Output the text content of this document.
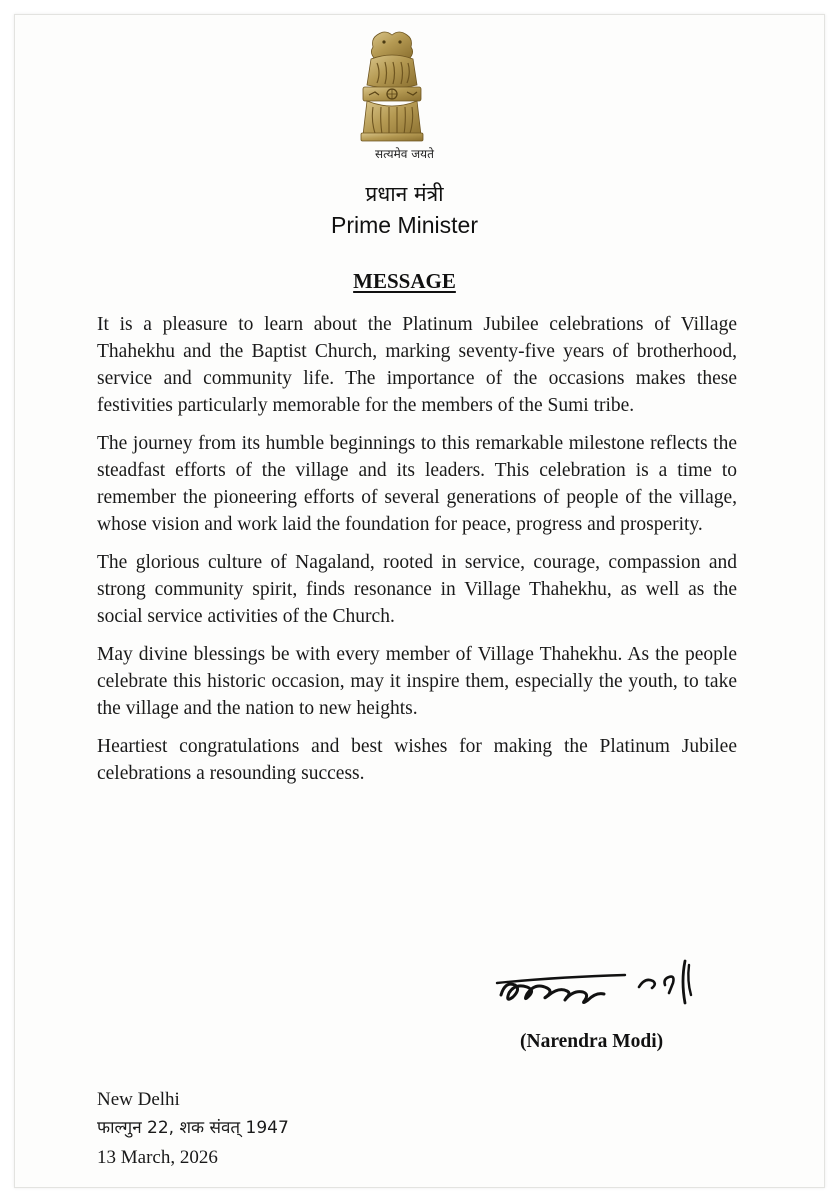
सत्यमेव जयते
प्रधान मंत्री
Prime Minister
MESSAGE

It is a pleasure to learn about the Platinum Jubilee celebrations of Village Thahekhu and the Baptist Church, marking seventy-five years of brotherhood, service and community life. The importance of the occasions makes these festivities particularly memorable for the members of the Sumi tribe.

The journey from its humble beginnings to this remarkable milestone reflects the steadfast efforts of the village and its leaders. This celebration is a time to remember the pioneering efforts of several generations of people of the village, whose vision and work laid the foundation for peace, progress and prosperity.

The glorious culture of Nagaland, rooted in service, courage, compassion and strong community spirit, finds resonance in Village Thahekhu, as well as the social service activities of the Church.

May divine blessings be with every member of Village Thahekhu. As the people celebrate this historic occasion, may it inspire them, especially the youth, to take the village and the nation to new heights.

Heartiest congratulations and best wishes for making the Platinum Jubilee celebrations a resounding success.

(Narendra Modi)
New Delhi
फाल्गुन 22, शक संवत् 1947
13 March, 2026
